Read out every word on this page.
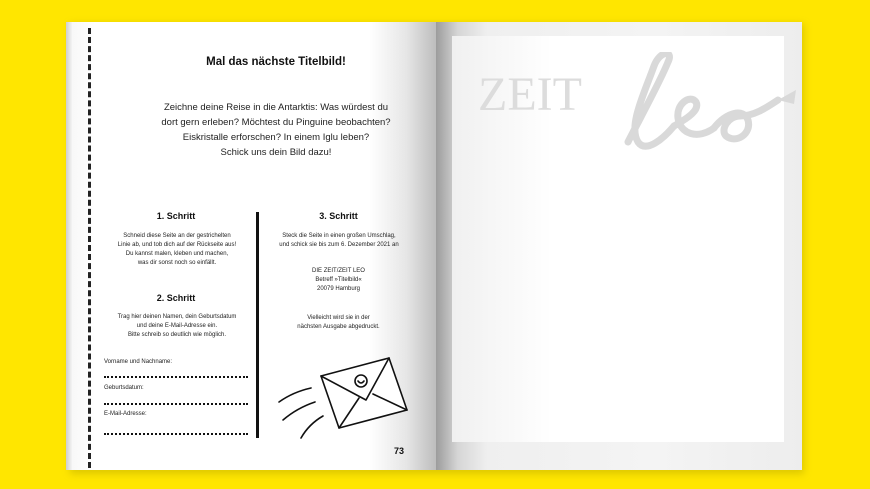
Mal das nächste Titelbild!
Zeichne deine Reise in die Antarktis: Was würdest du
dort gern erleben? Möchtest du Pinguine beobachten?
Eiskristalle erforschen? In einem Iglu leben?
Schick uns dein Bild dazu!
1. Schritt
Schneid diese Seite an der gestrichelten
Linie ab, und tob dich auf der Rückseite aus!
Du kannst malen, kleben und machen,
was dir sonst noch so einfällt.
2. Schritt
Trag hier deinen Namen, dein Geburtsdatum
und deine E-Mail-Adresse ein.
Bitte schreib so deutlich wie möglich.
Vorname und Nachname:
Geburtsdatum:
E-Mail-Adresse:
3. Schritt
Steck die Seite in einen großen Umschlag,
und schick sie bis zum 6. Dezember 2021 an
DIE ZEIT/ZEIT LEO
Betreff »Titelbild«
20079 Hamburg
Vielleicht wird sie in der
nächsten Ausgabe abgedruckt.
73
ZEIT
